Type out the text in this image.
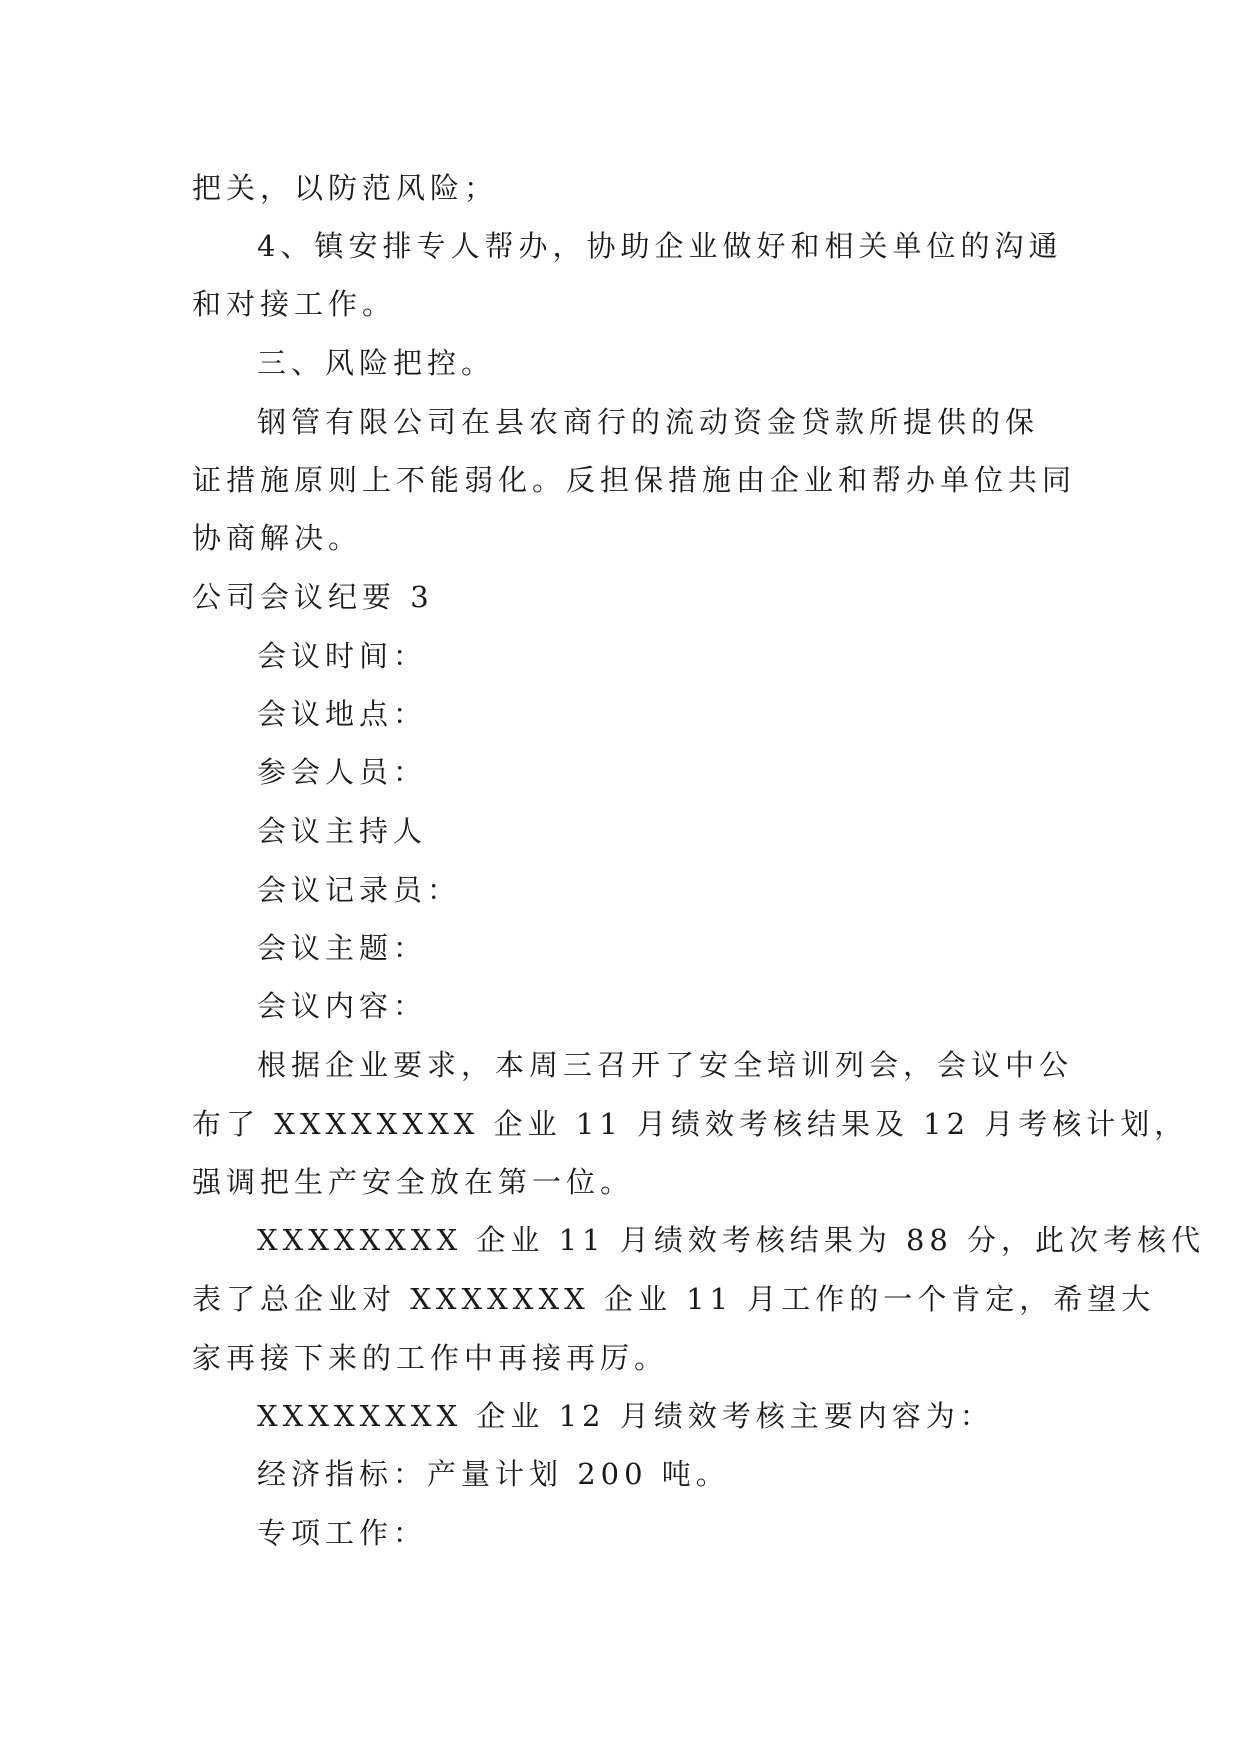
把关，以防范风险；
4、镇安排专人帮办，协助企业做好和相关单位的沟通
和对接工作。
三、风险把控。
钢管有限公司在县农商行的流动资金贷款所提供的保
证措施原则上不能弱化。反担保措施由企业和帮办单位共同
协商解决。
公司会议纪要 3
会议时间：
会议地点：
参会人员：
会议主持人
会议记录员：
会议主题：
会议内容：
根据企业要求，本周三召开了安全培训列会，会议中公
布了 XXXXXXXX 企业 11 月绩效考核结果及 12 月考核计划，
强调把生产安全放在第一位。
XXXXXXXX 企业 11 月绩效考核结果为 88 分，此次考核代
表了总企业对 XXXXXXX 企业 11 月工作的一个肯定，希望大
家再接下来的工作中再接再厉。
XXXXXXXX 企业 12 月绩效考核主要内容为：
经济指标：产量计划 200 吨。
专项工作：
